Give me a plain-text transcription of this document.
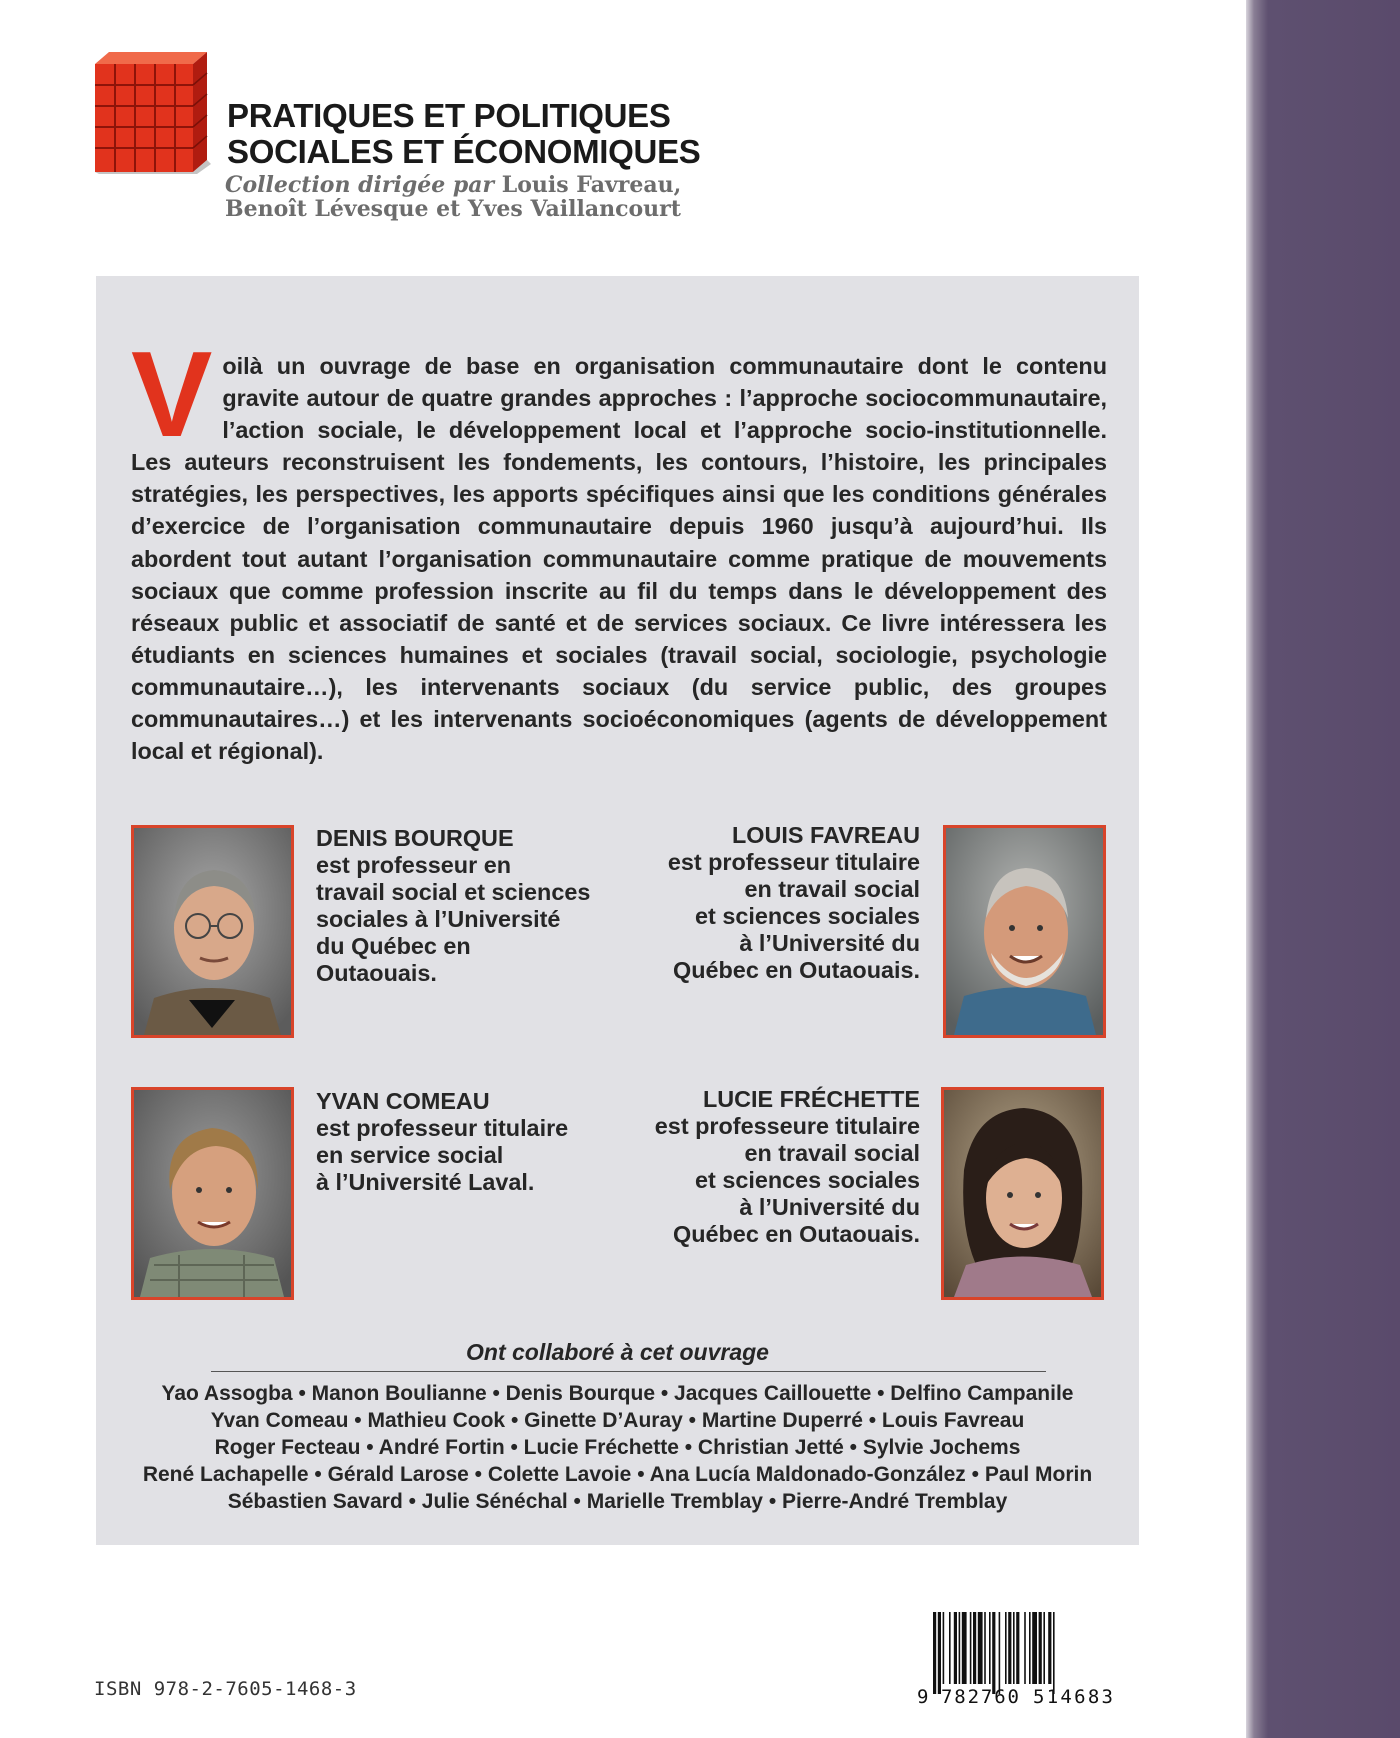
PRATIQUES ET POLITIQUES
SOCIALES ET ÉCONOMIQUES
Collection dirigée par Louis Favreau,
Benoît Lévesque et Yves Vaillancourt

Voilà un ouvrage de base en organisation communautaire dont le contenu gravite autour de quatre grandes approches : l’approche sociocommunautaire, l’action sociale, le développement local et l’approche socio-institutionnelle. Les auteurs reconstruisent les fondements, les contours, l’histoire, les principales stratégies, les perspectives, les apports spécifiques ainsi que les conditions générales d’exercice de l’organisation communautaire depuis 1960 jusqu’à aujourd’hui. Ils abordent tout autant l’organisation communautaire comme pratique de mouvements sociaux que comme profession inscrite au fil du temps dans le développement des réseaux public et associatif de santé et de services sociaux. Ce livre intéressera les étudiants en sciences humaines et sociales (travail social, sociologie, psychologie communautaire…), les intervenants sociaux (du service public, des groupes communautaires…) et les intervenants socioéconomiques (agents de développement local et régional).

DENIS BOURQUE
est professeur en
travail social et sciences
sociales à l’Université
du Québec en
Outaouais.
LOUIS FAVREAU
est professeur titulaire
en travail social
et sciences sociales
à l’Université du
Québec en Outaouais.
YVAN COMEAU
est professeur titulaire
en service social
à l’Université Laval.
LUCIE FRÉCHETTE
est professeure titulaire
en travail social
et sciences sociales
à l’Université du
Québec en Outaouais.
Ont collaboré à cet ouvrage
Yao Assogba • Manon Boulianne • Denis Bourque • Jacques Caillouette • Delfino Campanile
Yvan Comeau • Mathieu Cook • Ginette D’Auray • Martine Duperré • Louis Favreau
Roger Fecteau • André Fortin • Lucie Fréchette • Christian Jetté • Sylvie Jochems
René Lachapelle • Gérald Larose • Colette Lavoie • Ana Lucía Maldonado-González • Paul Morin
Sébastien Savard • Julie Sénéchal • Marielle Tremblay • Pierre-André Tremblay
ISBN 978-2-7605-1468-3	9 782760 514683
